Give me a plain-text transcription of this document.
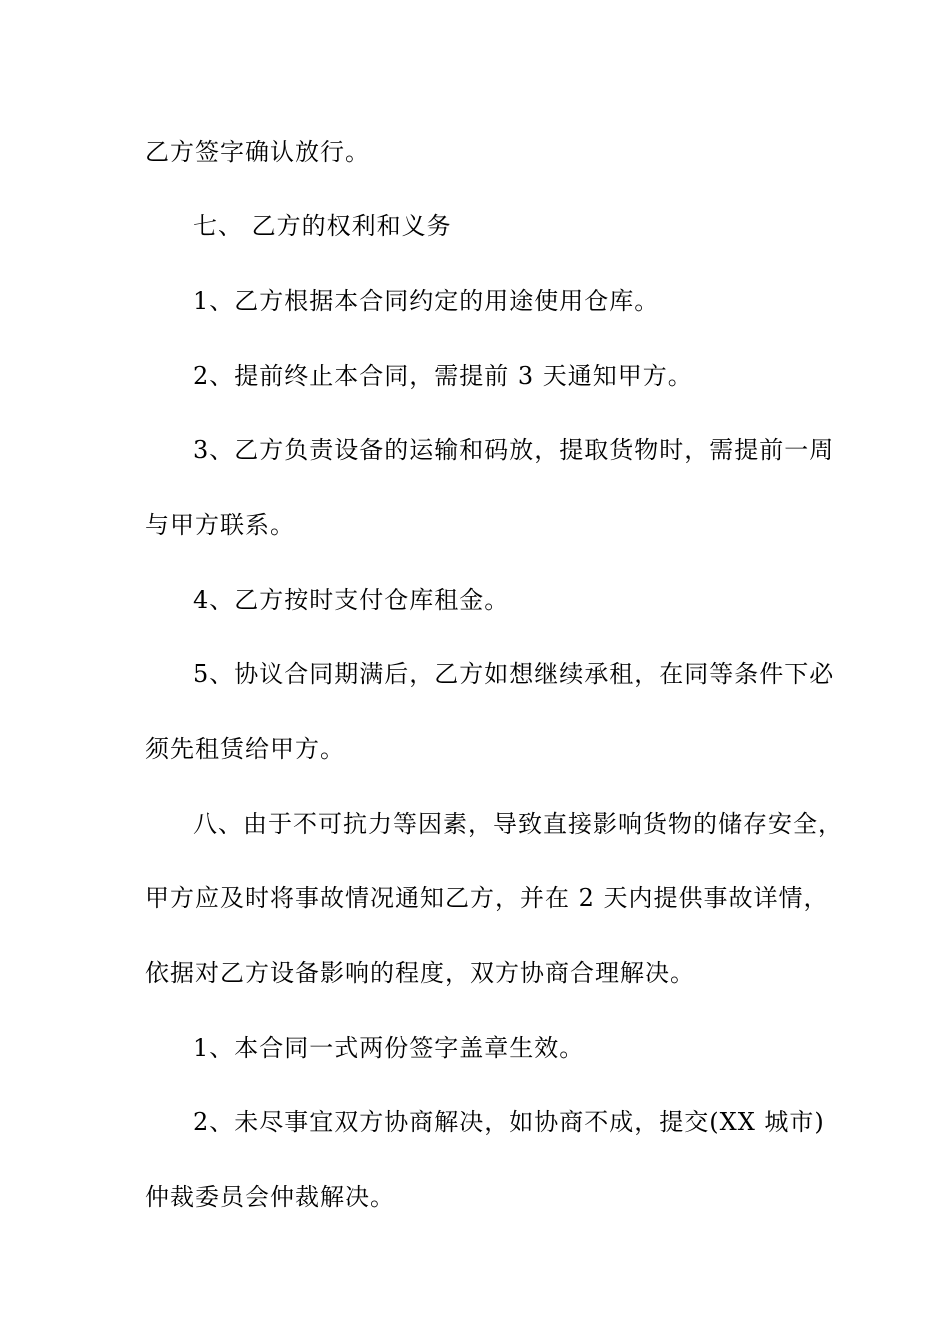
乙方签字确认放行。
七、 乙方的权利和义务
1、乙方根据本合同约定的用途使用仓库。
2、提前终止本合同，需提前 3 天通知甲方。
3、乙方负责设备的运输和码放，提取货物时，需提前一周
与甲方联系。
4、乙方按时支付仓库租金。
5、协议合同期满后，乙方如想继续承租，在同等条件下必
须先租赁给甲方。
八、由于不可抗力等因素，导致直接影响货物的储存安全，
甲方应及时将事故情况通知乙方，并在 2 天内提供事故详情，
依据对乙方设备影响的程度，双方协商合理解决。
1、本合同一式两份签字盖章生效。
2、未尽事宜双方协商解决，如协商不成，提交(XX 城市)
仲裁委员会仲裁解决。
